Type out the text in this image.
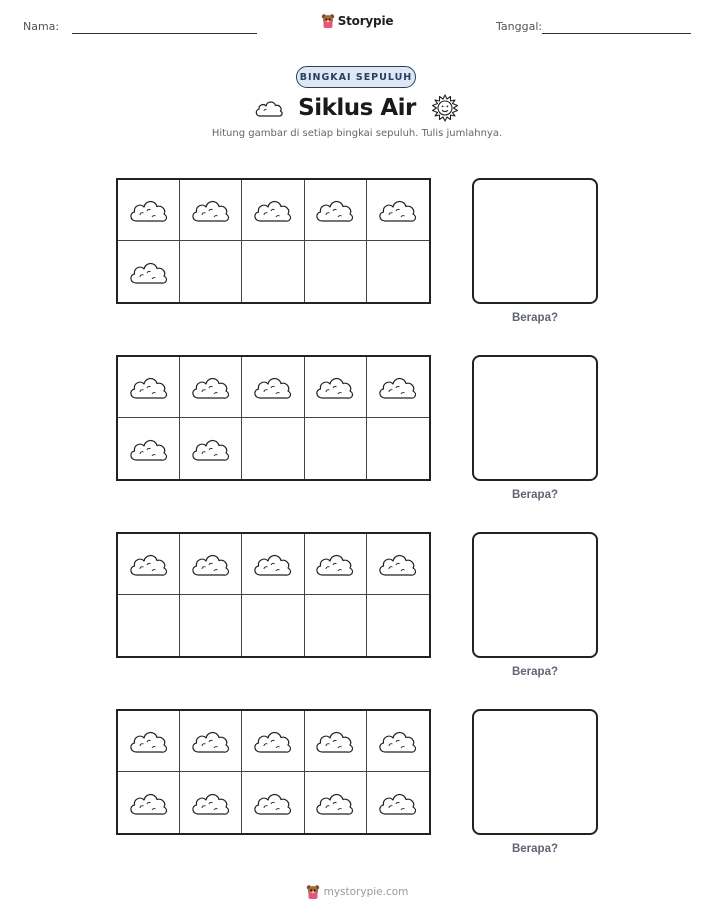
Nama:	Storypie	Tanggal:
BINGKAI SEPULUH
Siklus Air
Hitung gambar di setiap bingkai sepuluh. Tulis jumlahnya.
Berapa?
Berapa?
Berapa?
Berapa?
mystorypie.com
